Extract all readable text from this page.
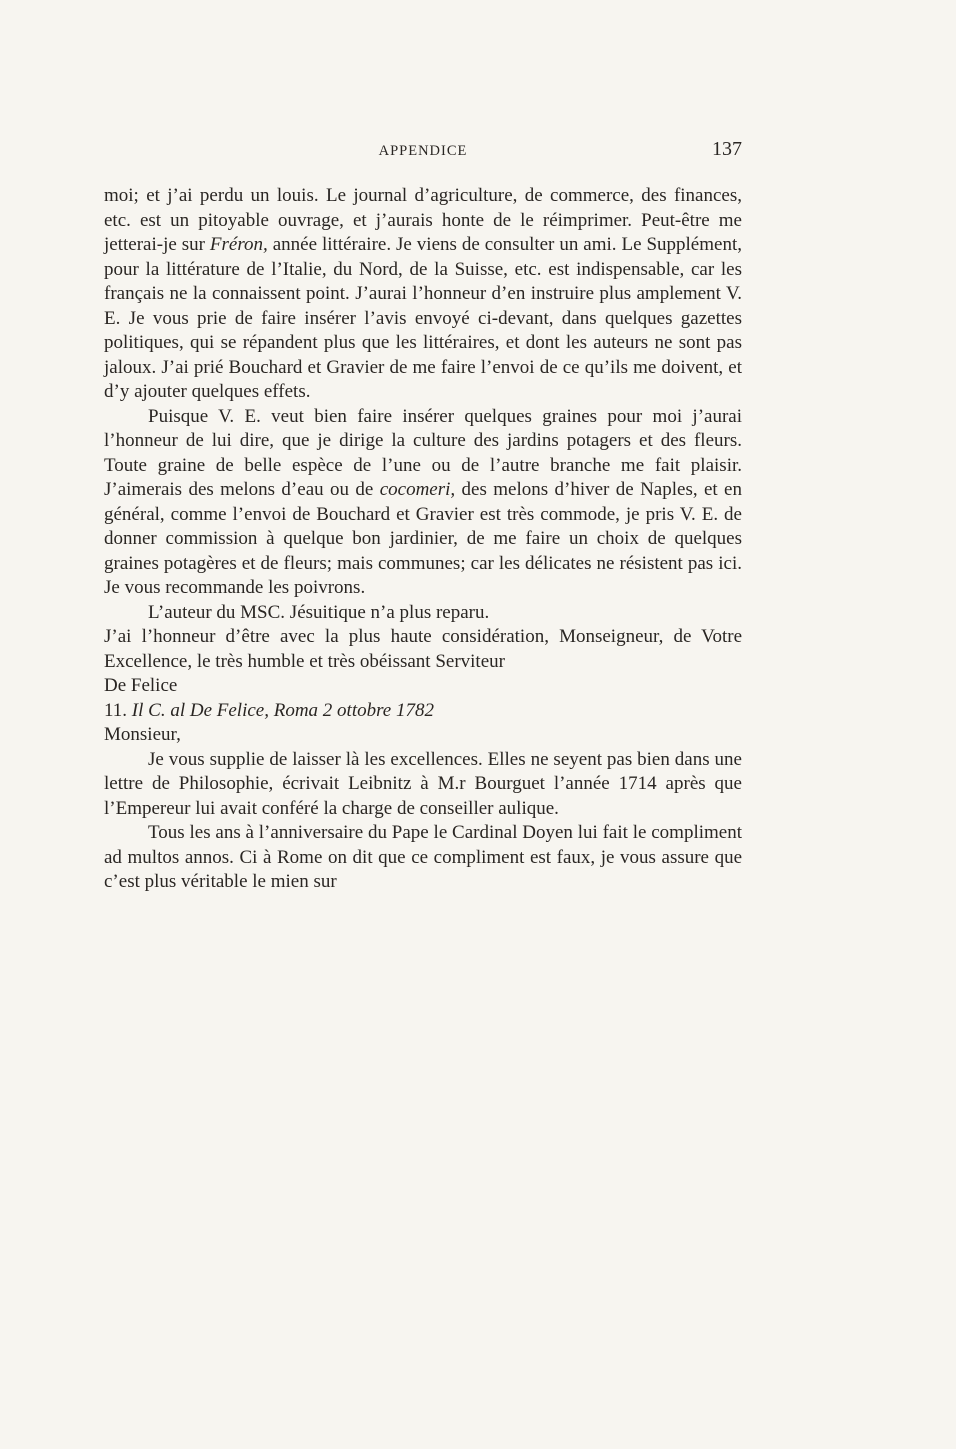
APPENDICE	137

moi; et j’ai perdu un louis. Le journal d’agriculture, de commerce, des finances, etc. est un pitoyable ouvrage, et j’aurais honte de le réimprimer. Peut-être me jetterai-je sur Fréron, année littéraire. Je viens de consulter un ami. Le Supplément, pour la littérature de l’Italie, du Nord, de la Suisse, etc. est indispensable, car les français ne la connaissent point. J’aurai l’honneur d’en instruire plus amplement V. E. Je vous prie de faire insérer l’avis envoyé ci-devant, dans quelques gazettes politiques, qui se répandent plus que les littéraires, et dont les auteurs ne sont pas jaloux. J’ai prié Bouchard et Gravier de me faire l’envoi de ce qu’ils me doivent, et d’y ajouter quelques effets.

Puisque V. E. veut bien faire insérer quelques graines pour moi j’aurai l’honneur de lui dire, que je dirige la culture des jardins potagers et des fleurs. Toute graine de belle espèce de l’une ou de l’autre branche me fait plaisir. J’aimerais des melons d’eau ou de cocomeri, des melons d’hiver de Naples, et en général, comme l’envoi de Bouchard et Gravier est très commode, je pris V. E. de donner commission à quelque bon jardinier, de me faire un choix de quelques graines potagères et de fleurs; mais communes; car les délicates ne résistent pas ici. Je vous recommande les poivrons.

L’auteur du MSC. Jésuitique n’a plus reparu.

J’ai l’honneur d’être avec la plus haute considération, Monseigneur, de Votre Excellence, le très humble et très obéissant Serviteur

De Felice

11. Il C. al De Felice, Roma 2 ottobre 1782

Monsieur,

Je vous supplie de laisser là les excellences. Elles ne seyent pas bien dans une lettre de Philosophie, écrivait Leibnitz à M.r Bourguet l’année 1714 après que l’Empereur lui avait conféré la charge de conseiller aulique.

Tous les ans à l’anniversaire du Pape le Cardinal Doyen lui fait le compliment ad multos annos. Ci à Rome on dit que ce compliment est faux, je vous assure que c’est plus véritable le mien sur
